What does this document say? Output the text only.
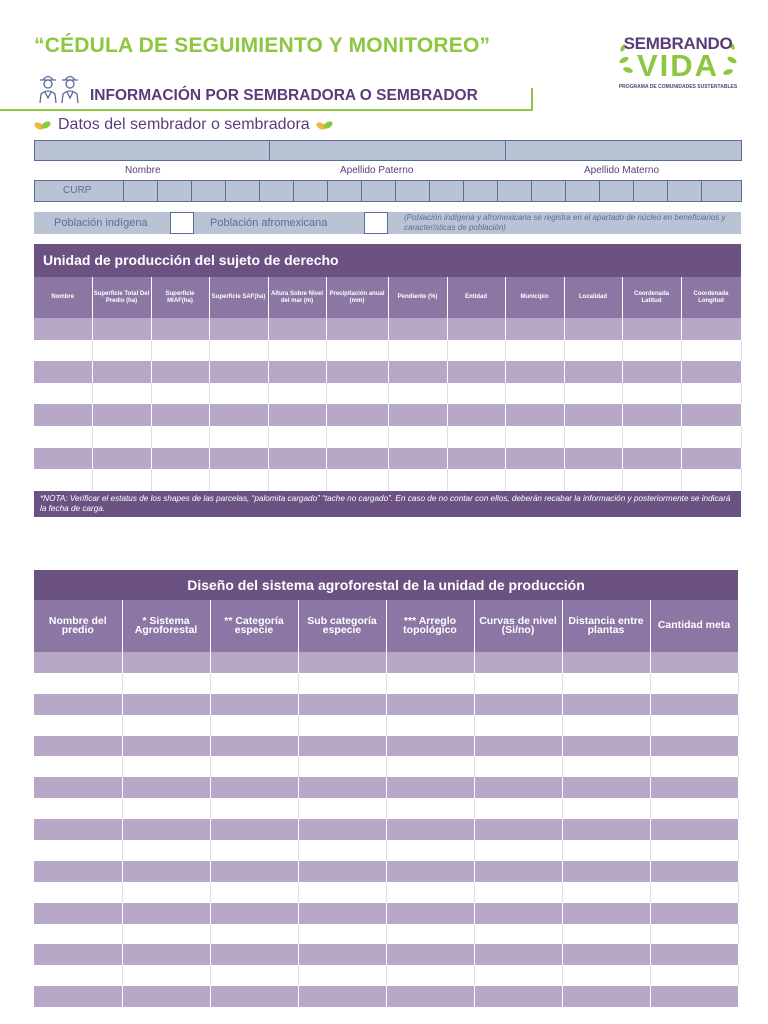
“CÉDULA DE SEGUIMIENTO Y MONITOREO”
INFORMACIÓN POR SEMBRADORA O SEMBRADOR
SEMBRANDO
VIDA
PROGRAMA DE COMUNIDADES SUSTENTABLES
Datos del sembrador o sembradora
Nombre	Apellido Paterno	Apellido Materno
CURP
Población indígena	Población afromexicana	(Población indígena y afromexicana se registra en el apartado de núcleo en beneficiarios y características de población)
Unidad de producción del sujeto de derecho
Nombre	Superficie Total Del Predio (ha)	Superficie MIAF(ha)	Superficie SAF(ha)	Altura Sobre Nivel del mar (m)	Precipitación anual (mm)	Pendiente (%)	Entidad	Municipio	Localidad	Coordenada Latitud	Coordenada Longitud

*NOTA: Verificar el estatus de los shapes de las parcelas, “palomita cargado” “tache no cargado”. En caso de no contar con ellos, deberán recabar la información y posteriormente se indicará la fecha de carga.
Diseño del sistema agroforestal de la unidad de producción
Nombre del predio	* Sistema Agroforestal	** Categoría especie	Sub categoría especie	*** Arreglo topológico	Curvas de nivel (Si/no)	Distancia entre plantas	Cantidad meta
